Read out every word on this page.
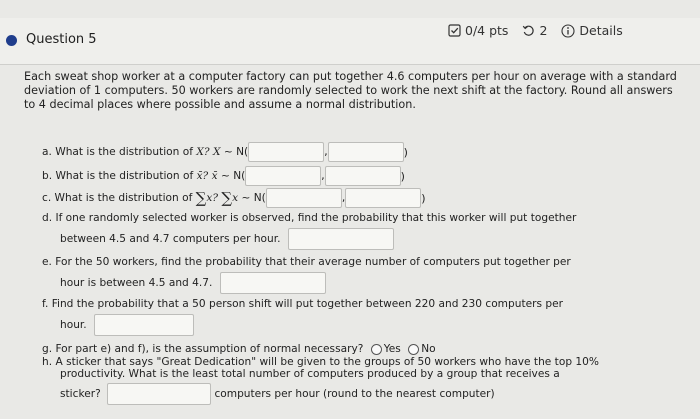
Question 5
0/4 pts 2	Details

Each sweat shop worker at a computer factory can put together 4.6 computers per hour on average with a standard deviation of 1 computers. 50 workers are randomly selected to work the next shift at the factory. Round all answers to 4 decimal places where possible and assume a normal distribution.

a. What is the distribution of X? X ~ N(	,	)
b. What is the distribution of x̄? x̄ ~ N(	,	)
c. What is the distribution of ∑x? ∑x ~ N(	,	)
d. If one randomly selected worker is observed, find the probability that this worker will put together
between 4.5 and 4.7 computers per hour.
e. For the 50 workers, find the probability that their average number of computers put together per
hour is between 4.5 and 4.7.
f. Find the probability that a 50 person shift will put together between 220 and 230 computers per
hour.
g. For part e) and f), is the assumption of normal necessary? Yes No
h. A sticker that says "Great Dedication" will be given to the groups of 50 workers who have the top 10%
productivity. What is the least total number of computers produced by a group that receives a
sticker?	computers per hour (round to the nearest computer)
